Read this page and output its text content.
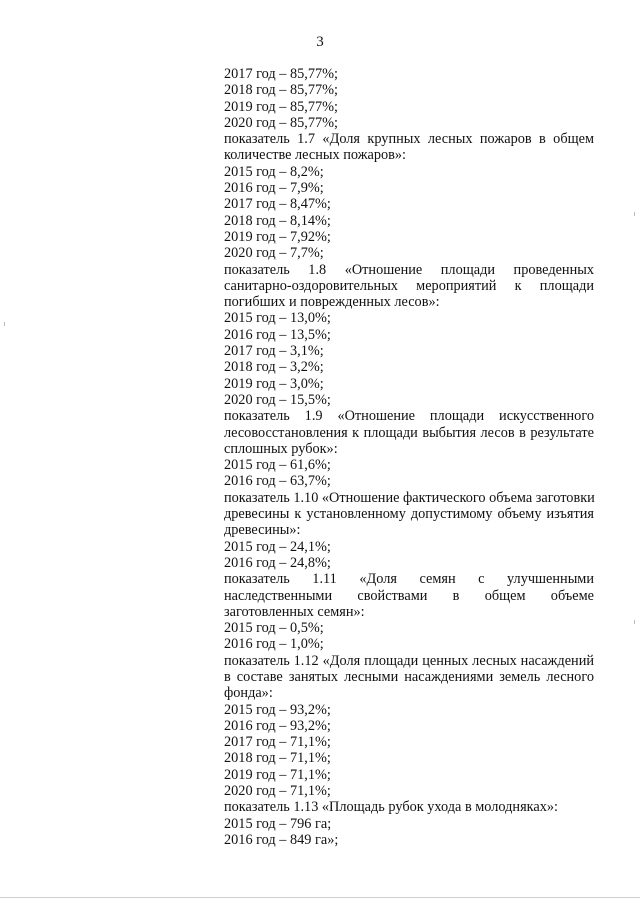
3
2017 год – 85,77%;
2018 год – 85,77%;
2019 год – 85,77%;
2020 год – 85,77%;
показатель 1.7 «Доля крупных лесных пожаров в общем
количестве лесных пожаров»:
2015 год – 8,2%;
2016 год – 7,9%;
2017 год – 8,47%;
2018 год – 8,14%;
2019 год – 7,92%;
2020 год – 7,7%;
показатель 1.8 «Отношение площади проведенных
санитарно-оздоровительных мероприятий к площади
погибших и поврежденных лесов»:
2015 год – 13,0%;
2016 год – 13,5%;
2017 год – 3,1%;
2018 год – 3,2%;
2019 год – 3,0%;
2020 год – 15,5%;
показатель 1.9 «Отношение площади искусственного
лесовосстановления к площади выбытия лесов в результате
сплошных рубок»:
2015 год – 61,6%;
2016 год – 63,7%;
показатель 1.10 «Отношение фактического объема заготовки
древесины к установленному допустимому объему изъятия
древесины»:
2015 год – 24,1%;
2016 год – 24,8%;
показатель 1.11 «Доля семян с улучшенными
наследственными свойствами в общем объеме
заготовленных семян»:
2015 год – 0,5%;
2016 год – 1,0%;
показатель 1.12 «Доля площади ценных лесных насаждений
в составе занятых лесными насаждениями земель лесного
фонда»:
2015 год – 93,2%;
2016 год – 93,2%;
2017 год – 71,1%;
2018 год – 71,1%;
2019 год – 71,1%;
2020 год – 71,1%;
показатель 1.13 «Площадь рубок ухода в молодняках»:
2015 год – 796 га;
2016 год – 849 га»;
